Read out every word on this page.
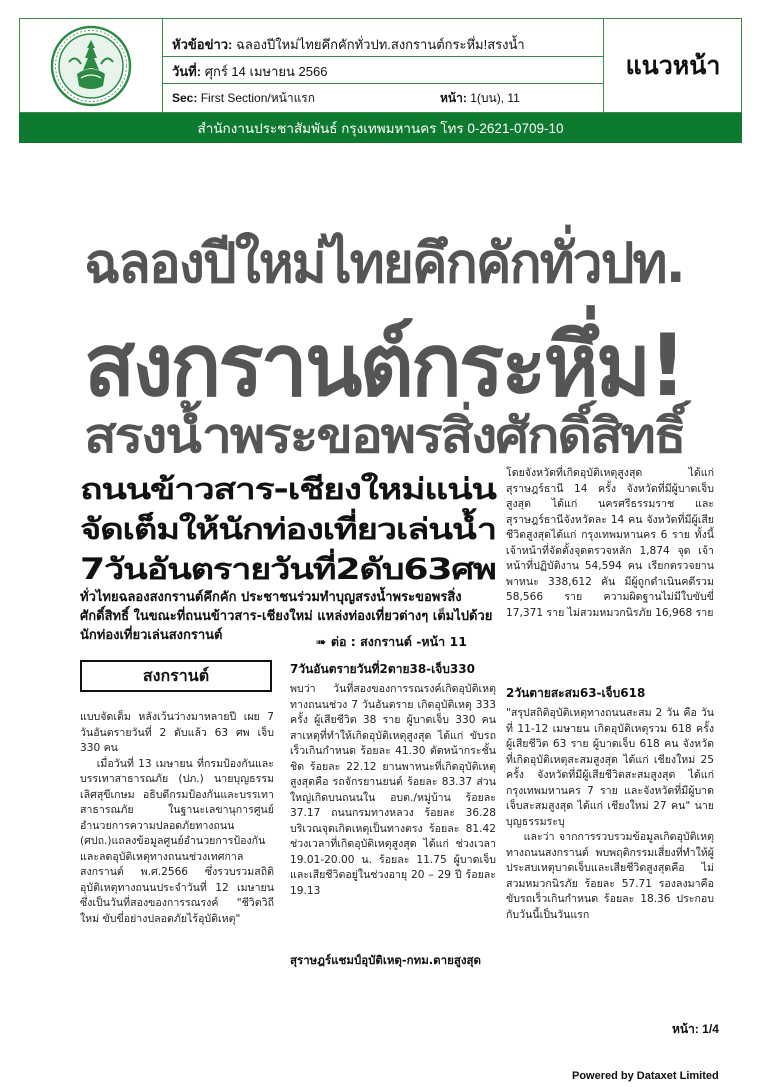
หัวข้อข่าว: ฉลองปีใหม่ไทยคึกคักทั่วปท.สงกรานต์กระหึ่ม!สรงน้ำ
วันที่: ศุกร์ 14 เมษายน 2566
Sec: First Section/หน้าแรก	หน้า: 1(บน), 11
แนวหน้า
สำนักงานประชาสัมพันธ์ กรุงเทพมหานคร โทร 0-2621-0709-10
ฉลองปีใหม่ไทยคึกคักทั่วปท.
สงกรานต์กระหึ่ม!
สรงน้ำพระขอพรสิ่งศักดิ์สิทธิ์
ถนนข้าวสาร-เชียงใหม่แน่น
จัดเต็มให้นักท่องเที่ยวเล่นน้ำ
7วันอันตรายวันที่2ดับ63ศพ
ทั่วไทยฉลองสงกรานต์คึกคัก ประชาชนร่วมทำบุญสรงน้ำพระขอพรสิ่งศักดิ์สิทธิ์ ในขณะที่ถนนข้าวสาร-เชียงใหม่ แหล่งท่องเที่ยวต่างๆ เต็มไปด้วยนักท่องเที่ยวเล่นสงกรานต์	➠ ต่อ : สงกรานต์ -หน้า 11
สงกรานต์
แบบจัดเต็ม หลังเว้นว่างมาหลายปี เผย 7 วันอันตรายวันที่ 2 ดับแล้ว 63 ศพ เจ็บ 330 คน
เมื่อวันที่ 13 เมษายน ที่กรมป้องกันและบรรเทาสาธารณภัย (ปภ.) นายบุญธรรม เลิศสุขีเกษม อธิบดีกรมป้องกันและบรรเทาสาธารณภัย ในฐานะเลขานุการศูนย์อำนวยการความปลอดภัยทางถนน (ศปถ.)แถลงข้อมูลศูนย์อำนวยการป้องกันและลดอุบัติเหตุทางถนนช่วงเทศกาลสงกรานต์ พ.ศ.2566 ซึ่งรวบรวมสถิติอุบัติเหตุทางถนนประจำวันที่ 12 เมษายน ซึ่งเป็นวันที่สองของการรณรงค์ "ชีวิตวิถีใหม่ ขับขี่อย่างปลอดภัยไร้อุบัติเหตุ"
7วันอันตรายวันที่2ตาย38-เจ็บ330
พบว่า วันที่สองของการรณรงค์เกิดอุบัติเหตุทางถนนช่วง 7 วันอันตราย เกิดอุบัติเหตุ 333 ครั้ง ผู้เสียชีวิต 38 ราย ผู้บาดเจ็บ 330 คน สาเหตุที่ทำให้เกิดอุบัติเหตุสูงสุด ได้แก่ ขับรถเร็วเกินกำหนด ร้อยละ 41.30 ตัดหน้ากระชั้นชิด ร้อยละ 22.12 ยานพาหนะที่เกิดอุบัติเหตุสูงสุดคือ รถจักรยานยนต์ ร้อยละ 83.37 ส่วนใหญ่เกิดบนถนนใน อบต./หมู่บ้าน ร้อยละ 37.17 ถนนกรมทางหลวง ร้อยละ 36.28 บริเวณจุดเกิดเหตุเป็นทางตรง ร้อยละ 81.42 ช่วงเวลาที่เกิดอุบัติเหตุสูงสุด ได้แก่ ช่วงเวลา 19.01-20.00 น. ร้อยละ 11.75 ผู้บาดเจ็บและเสียชีวิตอยู่ในช่วงอายุ 20 – 29 ปี ร้อยละ 19.13
สุราษฎร์แชมป์อุบัติเหตุ-กทม.ตายสูงสุด
โดยจังหวัดที่เกิดอุบัติเหตุสูงสุด ได้แก่ สุราษฎร์ธานี 14 ครั้ง จังหวัดที่มีผู้บาดเจ็บสูงสุด ได้แก่ นครศรีธรรมราช และสุราษฎร์ธานีจังหวัดละ 14 คน จังหวัดที่มีผู้เสียชีวิตสูงสุดได้แก่ กรุงเทพมหานคร 6 ราย ทั้งนี้ เจ้าหน้าที่จัดตั้งจุดตรวจหลัก 1,874 จุด เจ้าหน้าที่ปฏิบัติงาน 54,594 คน เรียกตรวจยานพาหนะ 338,612 คัน มีผู้ถูกดำเนินคดีรวม 58,566 ราย ความผิดฐานไม่มีใบขับขี่ 17,371 ราย ไม่สวมหมวกนิรภัย 16,968 ราย
2วันตายสะสม63-เจ็บ618
"สรุปสถิติอุบัติเหตุทางถนนสะสม 2 วัน คือ วันที่ 11-12 เมษายน เกิดอุบัติเหตุรวม 618 ครั้ง ผู้เสียชีวิต 63 ราย ผู้บาดเจ็บ 618 คน จังหวัดที่เกิดอุบัติเหตุสะสมสูงสุด ได้แก่ เชียงใหม่ 25 ครั้ง จังหวัดที่มีผู้เสียชีวิตสะสมสูงสุด ได้แก่ กรุงเทพมหานคร 7 ราย และจังหวัดที่มีผู้บาดเจ็บสะสมสูงสุด ได้แก่ เชียงใหม่ 27 คน" นายบุญธรรมระบุ
และว่า จากการรวบรวมข้อมูลเกิดอุบัติเหตุทางถนนสงกรานต์ พบพฤติกรรมเสี่ยงที่ทำให้ผู้ประสบเหตุบาดเจ็บและเสียชีวิตสูงสุดคือ ไม่สวมหมวกนิรภัย ร้อยละ 57.71 รองลงมาคือ ขับรถเร็วเกินกำหนด ร้อยละ 18.36 ประกอบกับวันนี้เป็นวันแรก
หน้า: 1/4
Powered by Dataxet Limited
